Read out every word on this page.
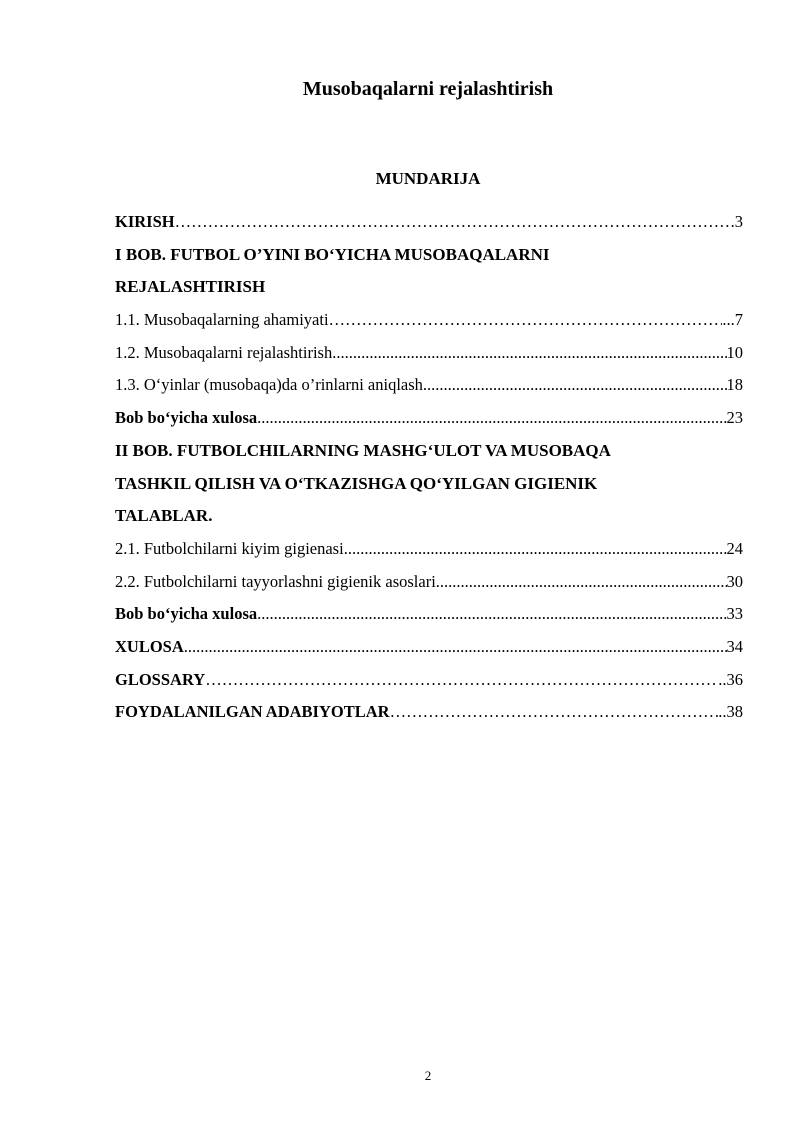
Musobaqalarni rejalashtirish
MUNDARIJA
KIRISH ……………………………………………………………………………………………………………………………………………………………	.3
I BOB. FUTBOL O’YINI BO‘YICHA MUSOBAQALARNI
REJALASHTIRISH
1.1. Musobaqalarning ahamiyati ……………………………………………………………………………………………………………………………………………………………	...7
1.2. Musobaqalarni rejalashtirish .....	10
1.3. O‘yinlar (musobaqa)da o’rinlarni aniqlash .....	18
Bob bo‘yicha xulosa .....	23
II BOB. FUTBOLCHILARNING MASHG‘ULOT VA MUSOBAQA
TASHKIL QILISH VA O‘TKAZISHGA QO‘YILGAN GIGIENIK
TALABLAR.
2.1. Futbolchilarni kiyim gigienasi .....	24
2.2. Futbolchilarni tayyorlashni gigienik asoslari .....	30
Bob bo‘yicha xulosa .....	33
XULOSA .....	34
GLOSSARY ……………………………………………………………………………………………………………………………………………………………	..36
FOYDALANILGAN ADABIYOTLAR ……………………………………………………………………………………………………………………………………………………………	..38
2
